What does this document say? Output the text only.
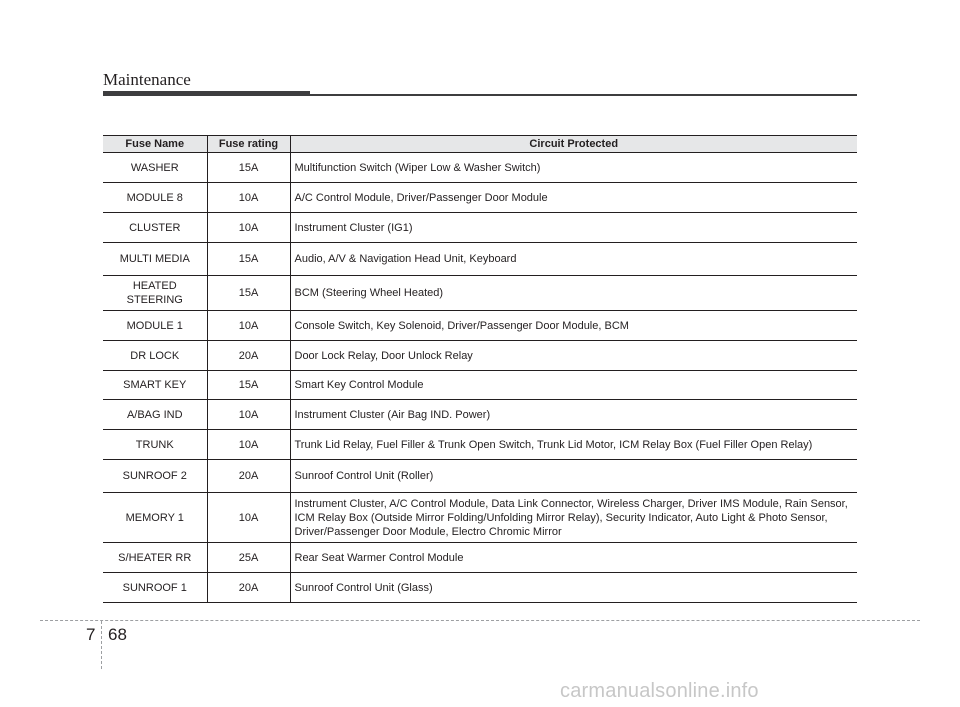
Maintenance
Fuse Name	Fuse rating	Circuit Protected
WASHER	15A	Multifunction Switch (Wiper Low & Washer Switch)
MODULE 8	10A	A/C Control Module, Driver/Passenger Door Module
CLUSTER	10A	Instrument Cluster (IG1)
MULTI MEDIA	15A	Audio, A/V & Navigation Head Unit, Keyboard
HEATED STEERING	15A	BCM (Steering Wheel Heated)
MODULE 1	10A	Console Switch, Key Solenoid, Driver/Passenger Door Module, BCM
DR LOCK	20A	Door Lock Relay, Door Unlock Relay
SMART KEY	15A	Smart Key Control Module
A/BAG IND	10A	Instrument Cluster (Air Bag IND. Power)
TRUNK	10A	Trunk Lid Relay, Fuel Filler & Trunk Open Switch, Trunk Lid Motor, ICM Relay Box (Fuel Filler Open Relay)
SUNROOF 2	20A	Sunroof Control Unit (Roller)
MEMORY 1	10A	Instrument Cluster, A/C Control Module, Data Link Connector, Wireless Charger, Driver IMS Module, Rain Sensor, ICM Relay Box (Outside Mirror Folding/Unfolding Mirror Relay), Security Indicator, Auto Light & Photo Sensor, Driver/Passenger Door Module, Electro Chromic Mirror
S/HEATER RR	25A	Rear Seat Warmer Control Module
SUNROOF 1	20A	Sunroof Control Unit (Glass)
7 68
carmanualsonline.info
